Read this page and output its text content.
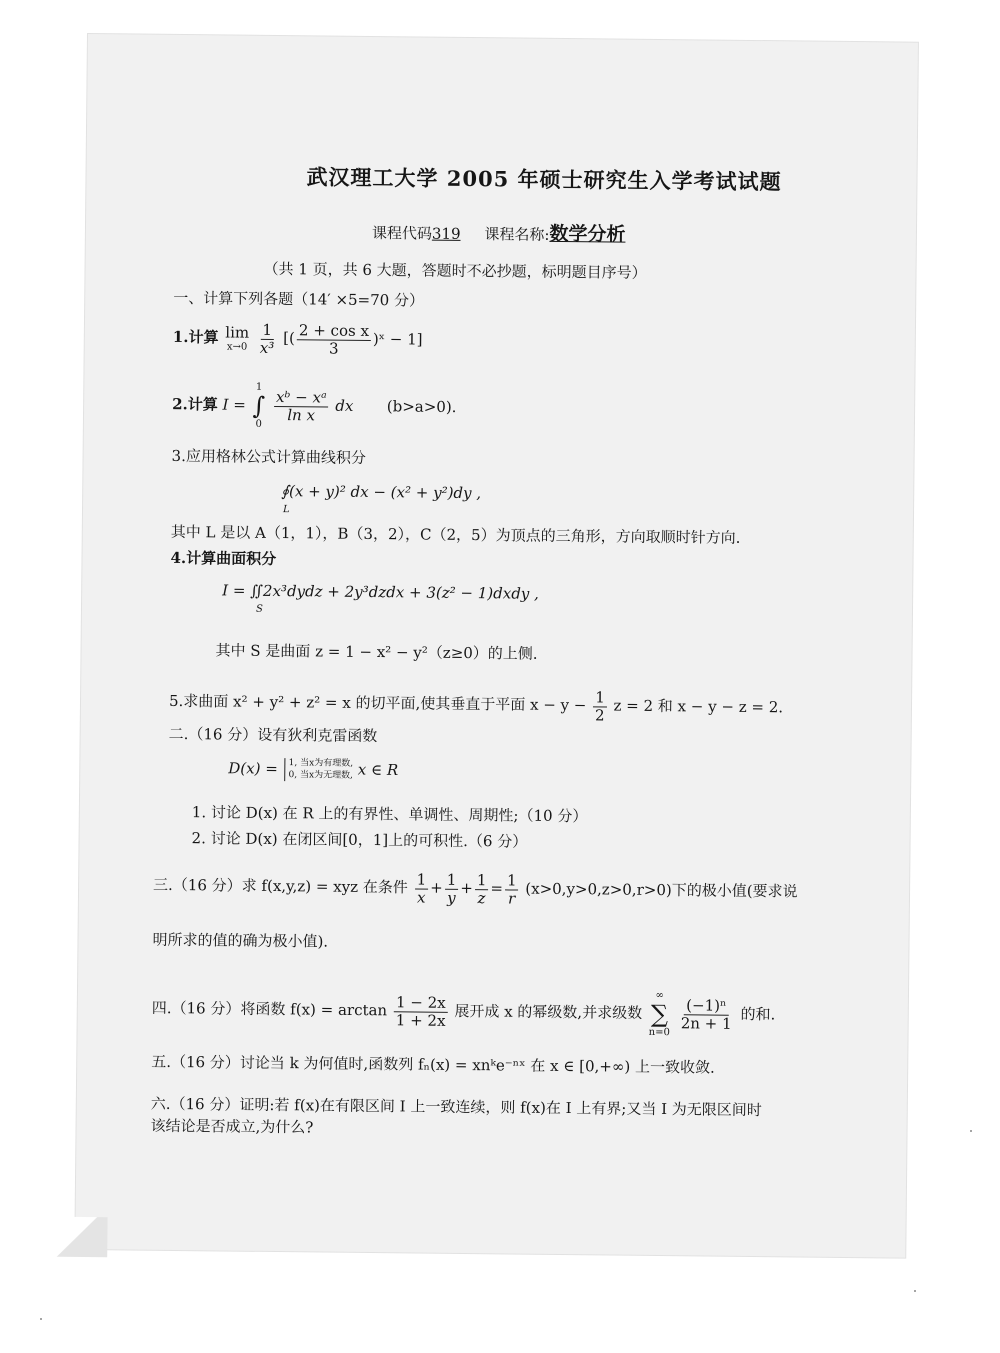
武汉理工大学 2005 年硕士研究生入学考试试题
课程代码319 课程名称:数学分析
（共 1 页，共 6 大题，答题时不必抄题，标明题目序号）
一、计算下列各题（14′ ×5=70 分）
1.计算 lim
x→0
$\frac{1}{\text{x³}}$ [( $\frac{\text{2 + cos x}}{3}$ )ˣ − 1]
2.计算 I =
1
∫
0

$\frac{\text{xᵇ − xᵃ}}{\text{ln x}}$ dx (b>a>0).
3.应用格林公式计算曲线积分
∮(x + y)² dx − (x² + y²)dy ,
L
其中 L 是以 A（1，1），B（3，2），C（2，5）为顶点的三角形，方向取顺时针方向.
4.计算曲面积分
I = ∬2x³dydz + 2y³dzdx + 3(z² − 1)dxdy ,
S
其中 S 是曲面 z = 1 − x² − y²（z≥0）的上侧.
5.求曲面 x² + y² + z² = x 的切平面,使其垂直于平面 $x - y - \frac{1}{2}$ z = 2 和 x − y − z = 2.
二.（16 分）设有狄利克雷函数
D(x) = 1, 当x为有理数,
0, 当x为无理数, x ∈ R
1. 讨论 D(x) 在 R 上的有界性、单调性、周期性;（10 分）
2. 讨论 D(x) 在闭区间[0，1]上的可积性.（6 分）
三.（16 分）求 f(x,y,z) = xyz 在条件 $\frac{1}{x} + \frac{1}{y} + \frac{1}{z} = \frac{1}{r} (x>0,y>0,z>0,r>0)$下的极小值(要求说
明所求的值的确为极小值).
四.（16 分）将函数 $f(x) = \arctan \frac{1 - 2x}{1 + 2x}$ 展开成 x 的幂级数,并求级数
∞
∑
n=0

$\frac{\text{(−1)ⁿ}}{2n + 1}$ 的和.
五.（16 分）讨论当 k 为何值时,函数列 fₙ(x) = xnᵏe⁻ⁿˣ 在 x ∈ [0,+∞) 上一致收敛.
六.（16 分）证明:若 f(x)在有限区间 I 上一致连续，则 f(x)在 I 上有界;又当 I 为无限区间时
该结论是否成立,为什么?
